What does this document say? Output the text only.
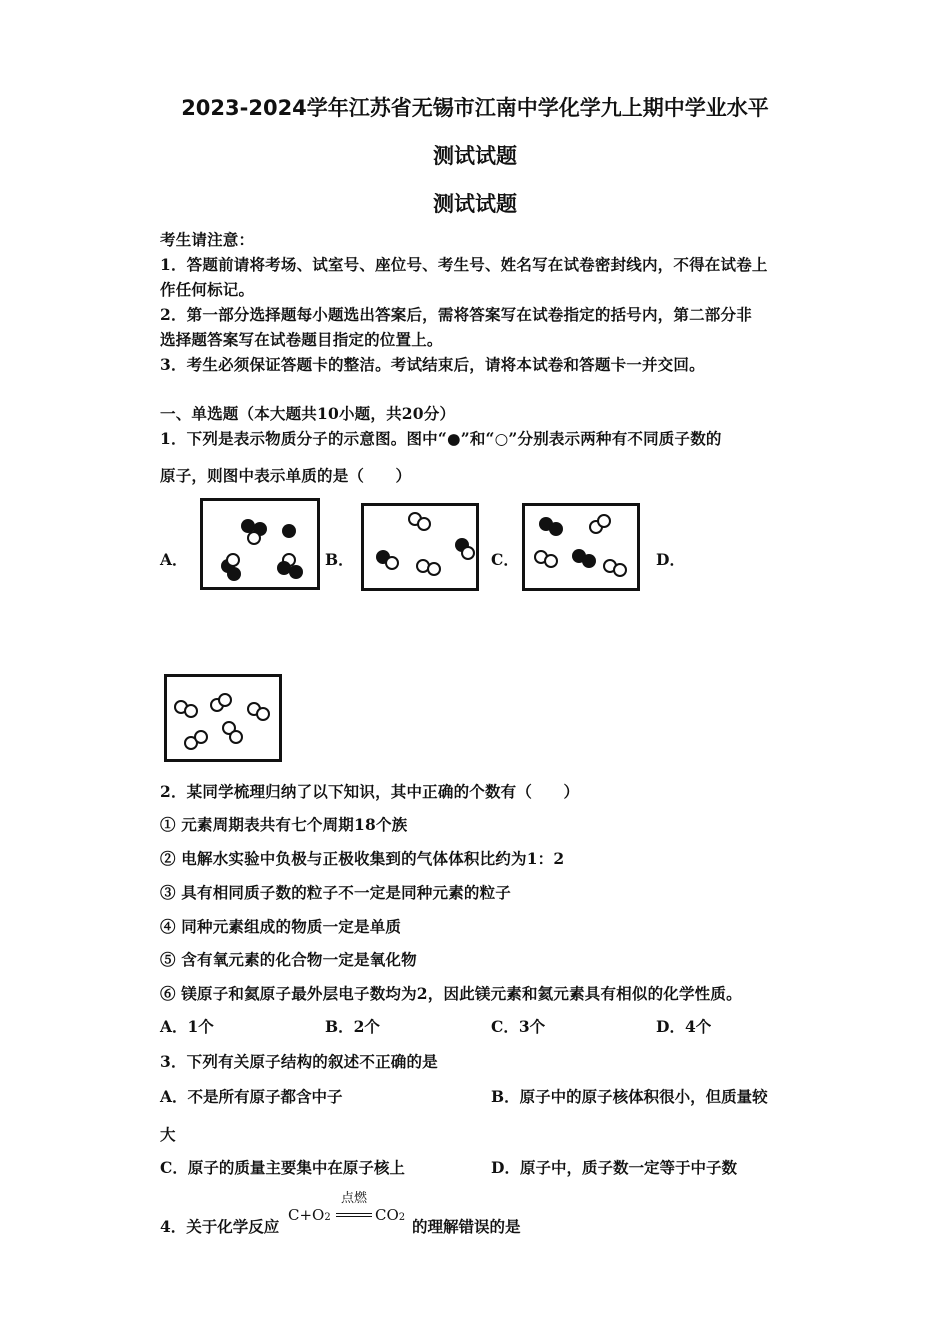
2023-2024学年江苏省无锡市江南中学化学九上期中学业水平
测试试题
测试试题
考生请注意：
1．答题前请将考场、试室号、座位号、考生号、姓名写在试卷密封线内，不得在试卷上
作任何标记。
2．第一部分选择题每小题选出答案后，需将答案写在试卷指定的括号内，第二部分非
选择题答案写在试卷题目指定的位置上。
3．考生必须保证答题卡的整洁。考试结束后，请将本试卷和答题卡一并交回。
一、单选题（本大题共10小题，共20分）
1．下列是表示物质分子的示意图。图中“●”和“○”分别表示两种有不同质子数的
原子，则图中表示单质的是（　　）
A．	B．	C．	D．
2．某同学梳理归纳了以下知识，其中正确的个数有（　　）
① 元素周期表共有七个周期18个族
② 电解水实验中负极与正极收集到的气体体积比约为1：2
③ 具有相同质子数的粒子不一定是同种元素的粒子
④ 同种元素组成的物质一定是单质
⑤ 含有氧元素的化合物一定是氧化物
⑥ 镁原子和氦原子最外层电子数均为2，因此镁元素和氦元素具有相似的化学性质。
A．1个	B．2个	C．3个	D．4个
3．下列有关原子结构的叙述不正确的是
A．不是所有原子都含中子	B．原子中的原子核体积很小，但质量较
大
C．原子的质量主要集中在原子核上	D．原子中，质子数一定等于中子数
4．关于化学反应
C+O2
点燃
CO2 的理解错误的是
